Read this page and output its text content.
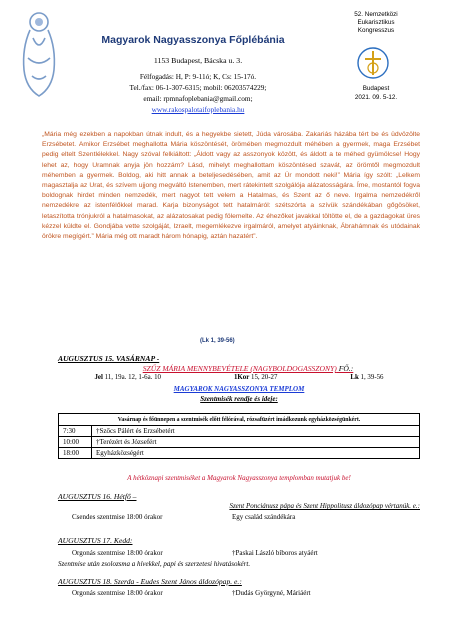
Magyarok Nagyasszonya Főplébánia
1153 Budapest, Bácska u. 3.
Félfogadás: H, P: 9-11ó; K, Cs: 15-17ó.
Tel./fax: 06-1-307-6315; mobil: 06203574229;
email: rpmnafoplebania@gmail.com;
www.rakospalotaifoplebania.hu
52. Nemzetközi
Eukarisztikus
Kongresszus
Budapest
2021. 09. 5-12.
„Mária még ezekben a napokban útnak indult, és a hegyekbe sietett, Júda városába. Zakariás házába tért be és üdvözölte Erzsébetet. Amikor Erzsébet meghallotta Mária köszöntését, örömében megmozdult méhében a gyermek, maga Erzsébet pedig eltelt Szentlélekkel. Nagy szóval felkiáltott: „Áldott vagy az asszonyok között, és áldott a te méhed gyümölcse! Hogy lehet az, hogy Uramnak anyja jön hozzám? Lásd, mihelyt meghallottam köszöntésed szavát, az örömtől megmozdult méhemben a gyermek. Boldog, aki hitt annak a beteljesedésében, amit az Úr mondott neki!” Mária így szólt: „Lelkem magasztalja az Urat, és szívem ujjong megváltó Istenemben, mert rátekintett szolgálója alázatosságára. Íme, mostantól fogva boldognak hirdet minden nemzedék, mert nagyot tett velem a Hatalmas, és Szent az ő neve. Irgalma nemzedékről nemzedékre az istenfélőkkel marad. Karja bizonyságot tett hatalmáról: szétszórta a szívük szándékában gőgösöket, letaszította trónjukról a hatalmasokat, az alázatosakat pedig fölemelte. Az éhezőket javakkal töltötte el, de a gazdagokat üres kézzel küldte el. Gondjába vette szolgáját, Izraelt, megemlékezve irgalmáról, amelyet atyáinknak, Ábrahámnak és utódainak örökre megígért.” Mária még ott maradt három hónapig, aztán hazatért”.
(Lk 1, 39-56)
AUGUSZTUS 15. VASÁRNAP -
SZŰZ MÁRIA MENNYBEVÉTELE (NAGYBOLDOGASSZONY) FŐ.:
Jel 11, 19a. 12, 1-6a. 10	1Kor 15, 20-27	Lk 1, 39-56
MAGYAROK NAGYASSZONYA TEMPLOM
Szentmisék rendje és ideje:
Vasárnap és főünnepen a szentmisék előtt félórával, rózsafüzért imádkozunk egyházközségünkért.	
7:30	†Szőcs Pálért és Erzsébetért
10:00	†Terézért és Józsefért
18:00	Egyházközségért
A hétköznapi szentmiséket a Magyarok Nagyasszonya templomban mutatjuk be!
AUGUSZTUS 16. Hétfő –
Szent Ponciánusz pápa és Szent Hippolitusz áldozópap vértanúk. e.:
Csendes szentmise 18:00 órakor	Egy család szándékára
AUGUSZTUS 17. Kedd:
Orgonás szentmise 18:00 órakor	†Paskai László bíboros atyáért
Szentmise után zsolozsma a hívekkel, papi és szerzetesi hivatásokért.
AUGUSZTUS 18. Szerda - Eudes Szent János áldozópap. e.:
Orgonás szentmise 18:00 órakor	†Dudás Györgyné, Máriáért
